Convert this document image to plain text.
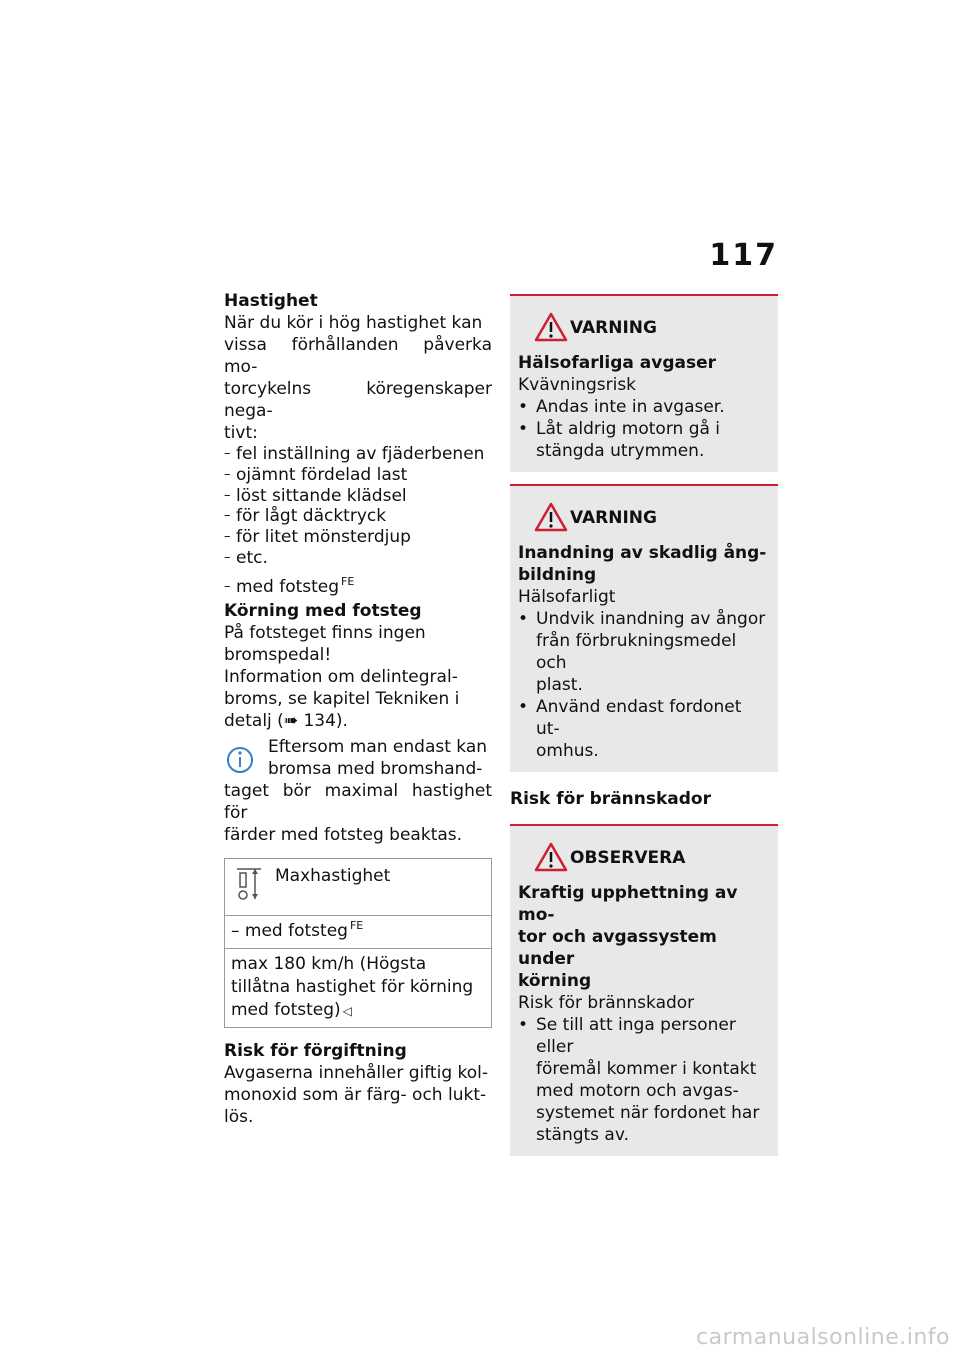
117

Hastighet

När du kör i hög hastighet kan
vissa förhållanden påverka mo-
torcykelns köregenskaper nega-
tivt:
– fel inställning av fjäderbenen
– ojämnt fördelad last
– löst sittande klädsel
– för lågt däcktryck
– för litet mönsterdjup
– etc.
– med fotsteg $^{FE}$

Körning med fotsteg

På fotsteget finns ingen
bromspedal!
Information om delintegral-
broms, se kapitel Tekniken i
detalj (➠ 134).
Eftersom man endast kan
bromsa med bromshand-
taget bör maximal hastighet för
färder med fotsteg beaktas.
Maxhastighet

– med fotsteg $^{FE}$

max 180 km/h (Högsta
tillåtna hastighet för körning
med fotsteg) ◁

Risk för förgiftning

Avgaserna innehåller giftig kol-
monoxid som är färg- och lukt-
lös.
VARNING

Hälsofarliga avgaser

Kvävningsrisk
• Andas inte in avgaser.
• Låt aldrig motorn gå i
stängda utrymmen.
VARNING

Inandning av skadlig ång-

bildning

Hälsofarligt
• Undvik inandning av ångor
från förbrukningsmedel och
plast.
• Använd endast fordonet ut-
omhus.

Risk för brännskador

OBSERVERA

Kraftig upphettning av mo-

tor och avgassystem under

körning

Risk för brännskador
• Se till att inga personer eller
föremål kommer i kontakt
med motorn och avgas-
systemet när fordonet har
stängts av.
carmanualsonline.info
